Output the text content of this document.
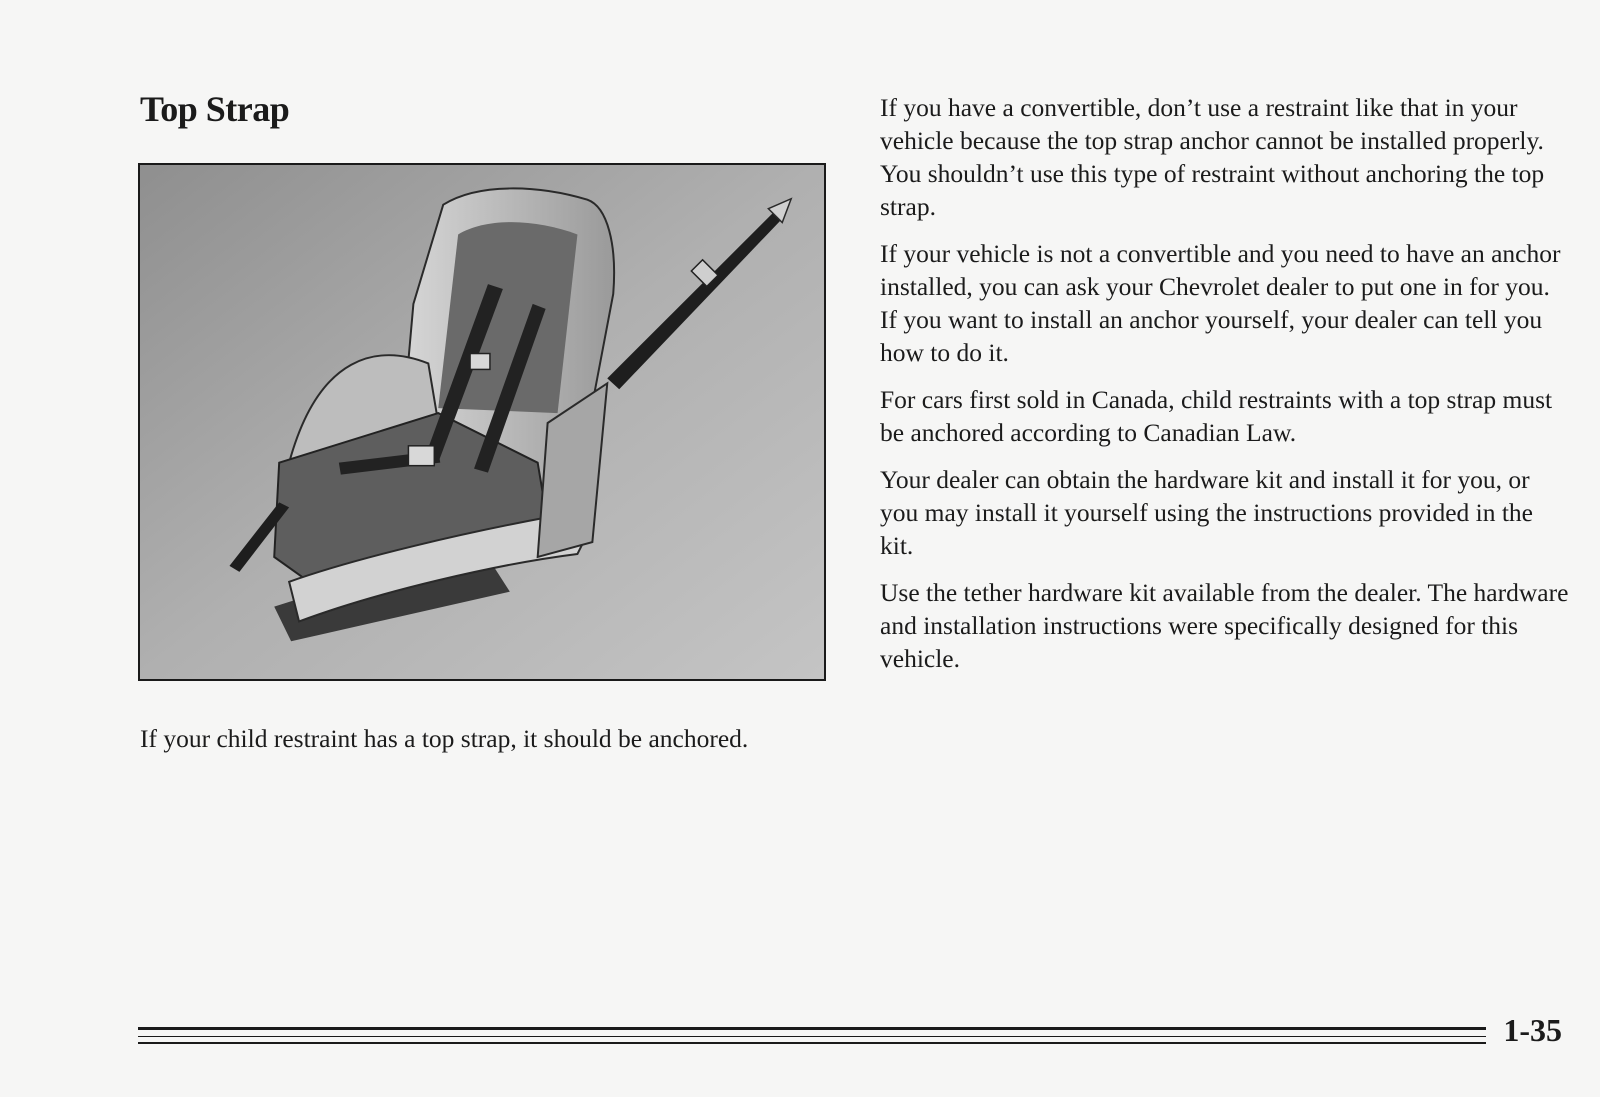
Top Strap

If your child restraint has a top strap, it should be anchored.

If you have a convertible, don’t use a restraint like that in your vehicle because the top strap anchor cannot be installed properly. You shouldn’t use this type of restraint without anchoring the top strap.

If your vehicle is not a convertible and you need to have an anchor installed, you can ask your Chevrolet dealer to put one in for you. If you want to install an anchor yourself, your dealer can tell you how to do it.

For cars first sold in Canada, child restraints with a top strap must be anchored according to Canadian Law.

Your dealer can obtain the hardware kit and install it for you, or you may install it yourself using the instructions provided in the kit.

Use the tether hardware kit available from the dealer. The hardware and installation instructions were specifically designed for this vehicle.

1-35
